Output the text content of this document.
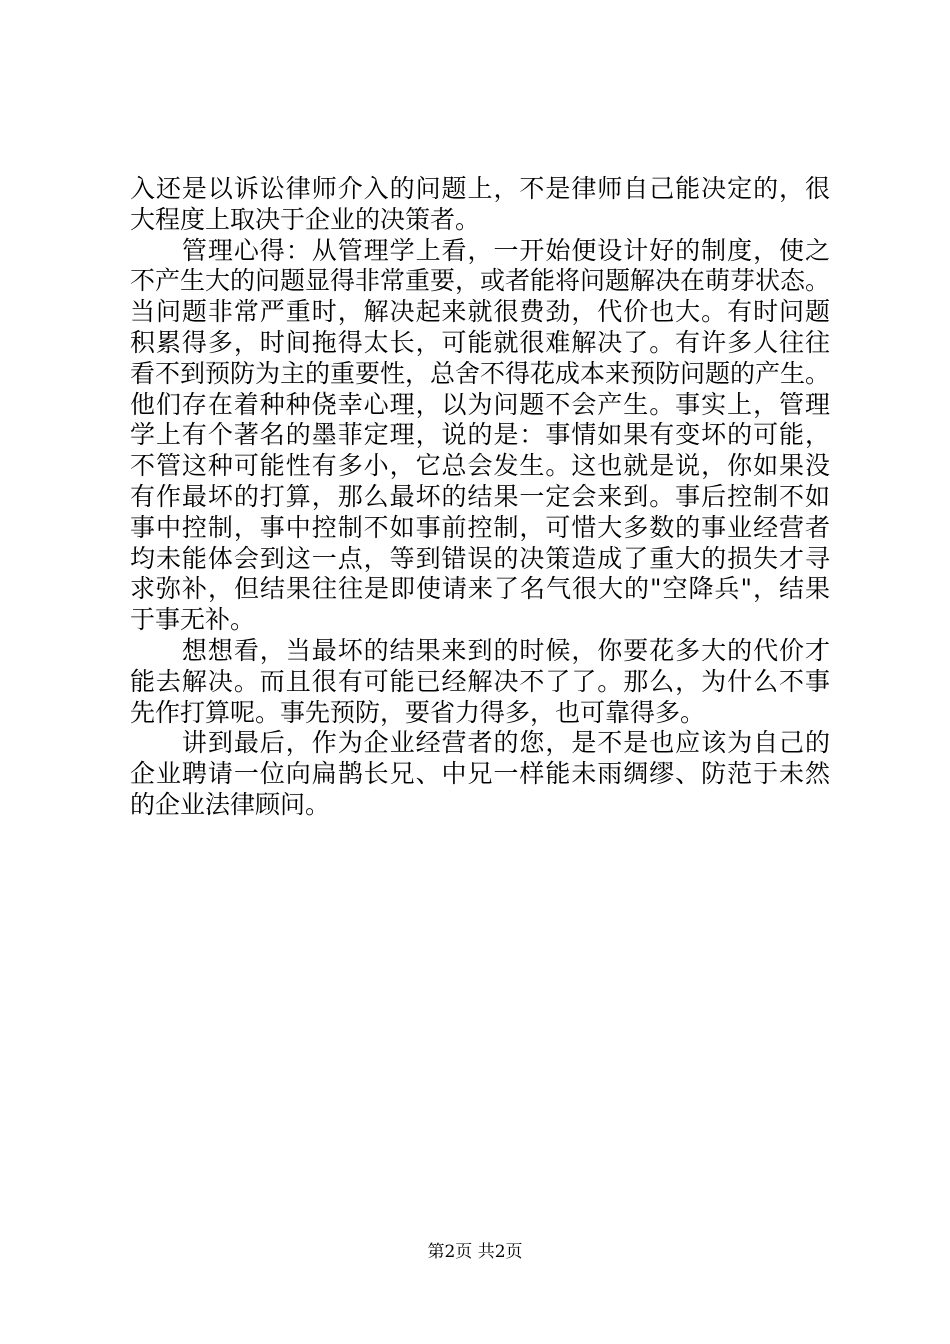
入还是以诉讼律师介入的问题上，不是律师自己能决定的，很
大程度上取决于企业的决策者。
　　管理心得：从管理学上看，一开始便设计好的制度，使之
不产生大的问题显得非常重要，或者能将问题解决在萌芽状态。
当问题非常严重时，解决起来就很费劲，代价也大。有时问题
积累得多，时间拖得太长，可能就很难解决了。有许多人往往
看不到预防为主的重要性，总舍不得花成本来预防问题的产生。
他们存在着种种侥幸心理，以为问题不会产生。事实上，管理
学上有个著名的墨菲定理，说的是：事情如果有变坏的可能，
不管这种可能性有多小，它总会发生。这也就是说，你如果没
有作最坏的打算，那么最坏的结果一定会来到。事后控制不如
事中控制，事中控制不如事前控制，可惜大多数的事业经营者
均未能体会到这一点，等到错误的决策造成了重大的损失才寻
求弥补，但结果往往是即使请来了名气很大的"空降兵"，结果
于事无补。
　　想想看，当最坏的结果来到的时候，你要花多大的代价才
能去解决。而且很有可能已经解决不了了。那么，为什么不事
先作打算呢。事先预防，要省力得多，也可靠得多。
　　讲到最后，作为企业经营者的您，是不是也应该为自己的
企业聘请一位向扁鹊长兄、中兄一样能未雨绸缪、防范于未然
的企业法律顾问。
第2页 共2页
